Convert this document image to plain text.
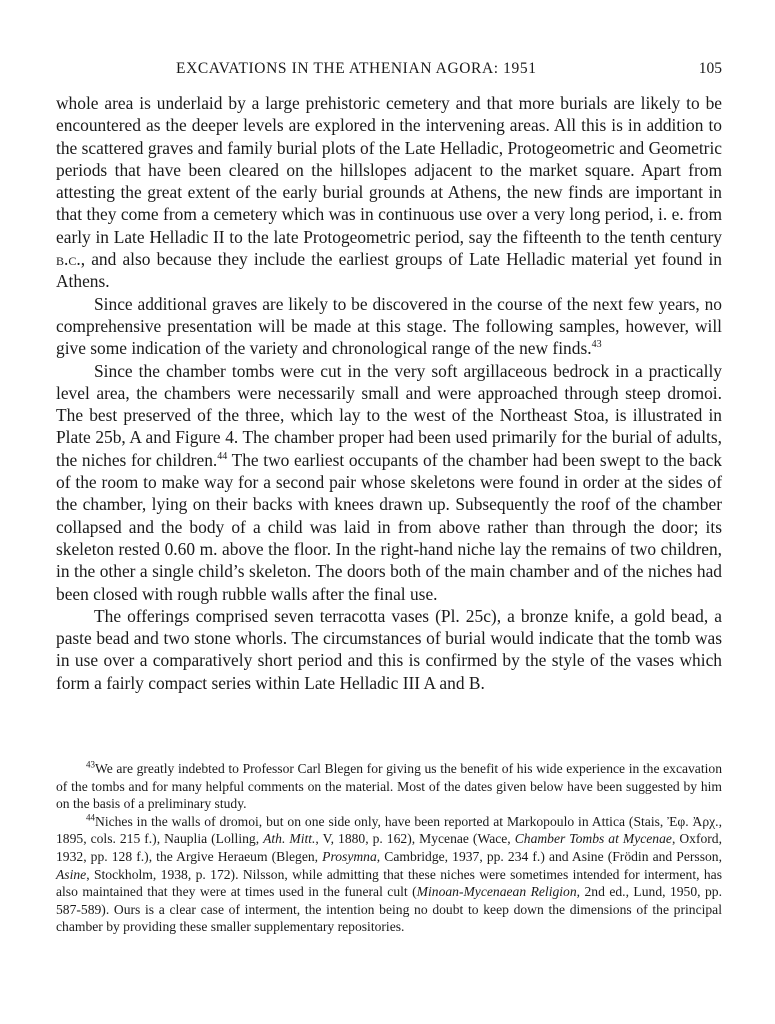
EXCAVATIONS IN THE ATHENIAN AGORA: 1951	105

whole area is underlaid by a large prehistoric cemetery and that more burials are likely to be encountered as the deeper levels are explored in the intervening areas. All this is in addition to the scattered graves and family burial plots of the Late Helladic, Protogeometric and Geometric periods that have been cleared on the hillslopes adjacent to the market square. Apart from attesting the great extent of the early burial grounds at Athens, the new finds are important in that they come from a cemetery which was in continuous use over a very long period, i. e. from early in Late Helladic II to the late Protogeometric period, say the fifteenth to the tenth century b.c., and also because they include the earliest groups of Late Helladic material yet found in Athens.

Since additional graves are likely to be discovered in the course of the next few years, no comprehensive presentation will be made at this stage. The following samples, however, will give some indication of the variety and chronological range of the new finds.$^{43}$

Since the chamber tombs were cut in the very soft argillaceous bedrock in a practically level area, the chambers were necessarily small and were approached through steep dromoi. The best preserved of the three, which lay to the west of the Northeast Stoa, is illustrated in Plate 25b, A and Figure 4. The chamber proper had been used primarily for the burial of adults, the niches for children.$^{44}$ The two earliest occupants of the chamber had been swept to the back of the room to make way for a second pair whose skeletons were found in order at the sides of the chamber, lying on their backs with knees drawn up. Subsequently the roof of the chamber collapsed and the body of a child was laid in from above rather than through the door; its skeleton rested 0.60 m. above the floor. In the right-hand niche lay the remains of two children, in the other a single child’s skeleton. The doors both of the main chamber and of the niches had been closed with rough rubble walls after the final use.

The offerings comprised seven terracotta vases (Pl. 25c), a bronze knife, a gold bead, a paste bead and two stone whorls. The circumstances of burial would indicate that the tomb was in use over a comparatively short period and this is confirmed by the style of the vases which form a fairly compact series within Late Helladic III A and B.

$^{43}$We are greatly indebted to Professor Carl Blegen for giving us the benefit of his wide experience in the excavation of the tombs and for many helpful comments on the material. Most of the dates given below have been suggested by him on the basis of a preliminary study.

$^{44}$Niches in the walls of dromoi, but on one side only, have been reported at Markopoulo in Attica (Stais, Ἐφ. Ἀρχ., 1895, cols. 215 f.), Nauplia (Lolling, Ath. Mitt., V, 1880, p. 162), Mycenae (Wace, Chamber Tombs at Mycenae, Oxford, 1932, pp. 128 f.), the Argive Heraeum (Blegen, Prosymna, Cambridge, 1937, pp. 234 f.) and Asine (Frödin and Persson, Asine, Stockholm, 1938, p. 172). Nilsson, while admitting that these niches were sometimes intended for interment, has also maintained that they were at times used in the funeral cult (Minoan-Mycenaean Religion, 2nd ed., Lund, 1950, pp. 587-589). Ours is a clear case of interment, the intention being no doubt to keep down the dimensions of the principal chamber by providing these smaller supplementary repositories.
